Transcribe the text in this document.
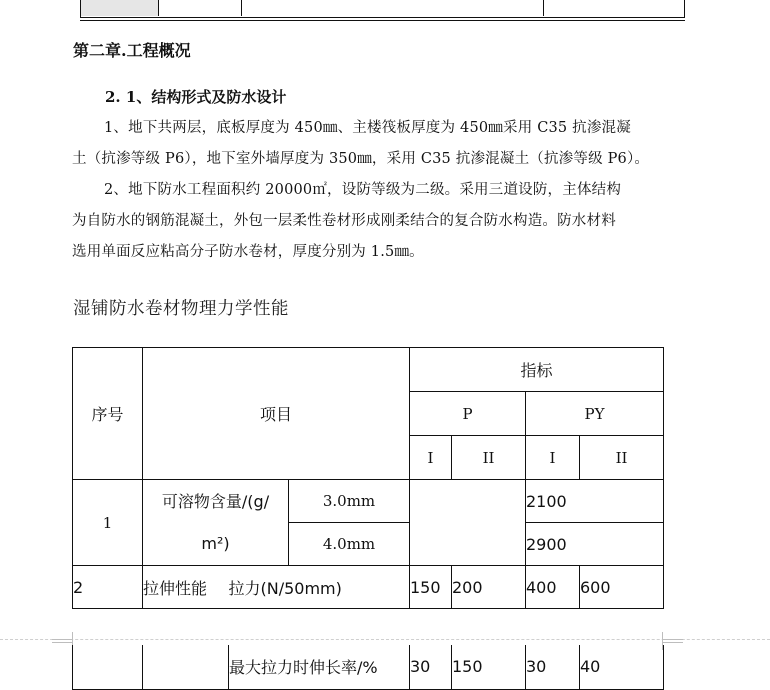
第二章.工程概况
2. 1、结构形式及防水设计
1、地下共两层，底板厚度为 450㎜、主楼筏板厚度为 450㎜采用 C35 抗渗混凝
土（抗渗等级 P6），地下室外墙厚度为 350㎜，采用 C35 抗渗混凝土（抗渗等级 P6）。
2、地下防水工程面积约 20000㎡，设防等级为二级。采用三道设防，主体结构
为自防水的钢筋混凝土，外包一层柔性卷材形成刚柔结合的复合防水构造。防水材料
选用单面反应粘高分子防水卷材，厚度分别为 1.5㎜。
湿铺防水卷材物理力学性能
序号	项目	指标
P	PY
I	II	I	II
1	可溶物含量/(g/
m²)	3.0mm		2100
4.0mm	2900
2	拉伸性能	拉力(N/50mm)	150	200	400	600
		最大拉力时伸长率/%	30	150	30	40
